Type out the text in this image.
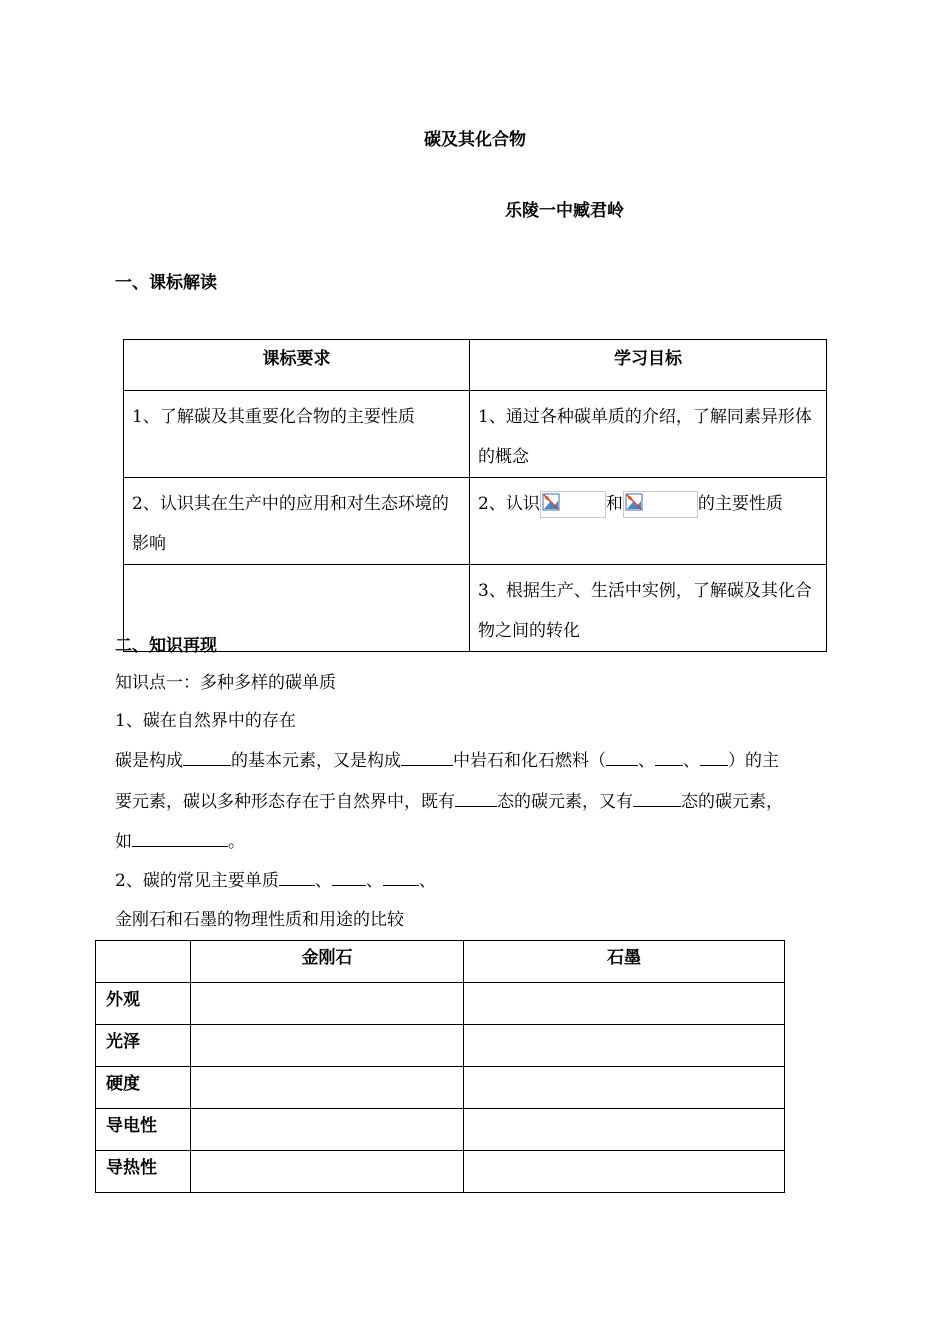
碳及其化合物
乐陵一中臧君岭
一、课标解读
课标要求	学习目标
1、了解碳及其重要化合物的主要性质	1、通过各种碳单质的介绍，了解同素异形体的概念
2、认识其在生产中的应用和对生态环境的影响	2、认识 和 的主要性质
	3、根据生产、生活中实例，了解碳及其化合物之间的转化
二、知识再现
知识点一：多种多样的碳单质
1、碳在自然界中的存在
碳是构成	的基本元素，又是构成	中岩石和化石燃料（ 、 、 ）的主
要元素，碳以多种形态存在于自然界中，既有 态的碳元素，又有	态的碳元素，
如	。
2、碳的常见主要单质 、 、 、
金刚石和石墨的物理性质和用途的比较
	金刚石	石墨
外观		
光泽		
硬度		
导电性		
导热性		
